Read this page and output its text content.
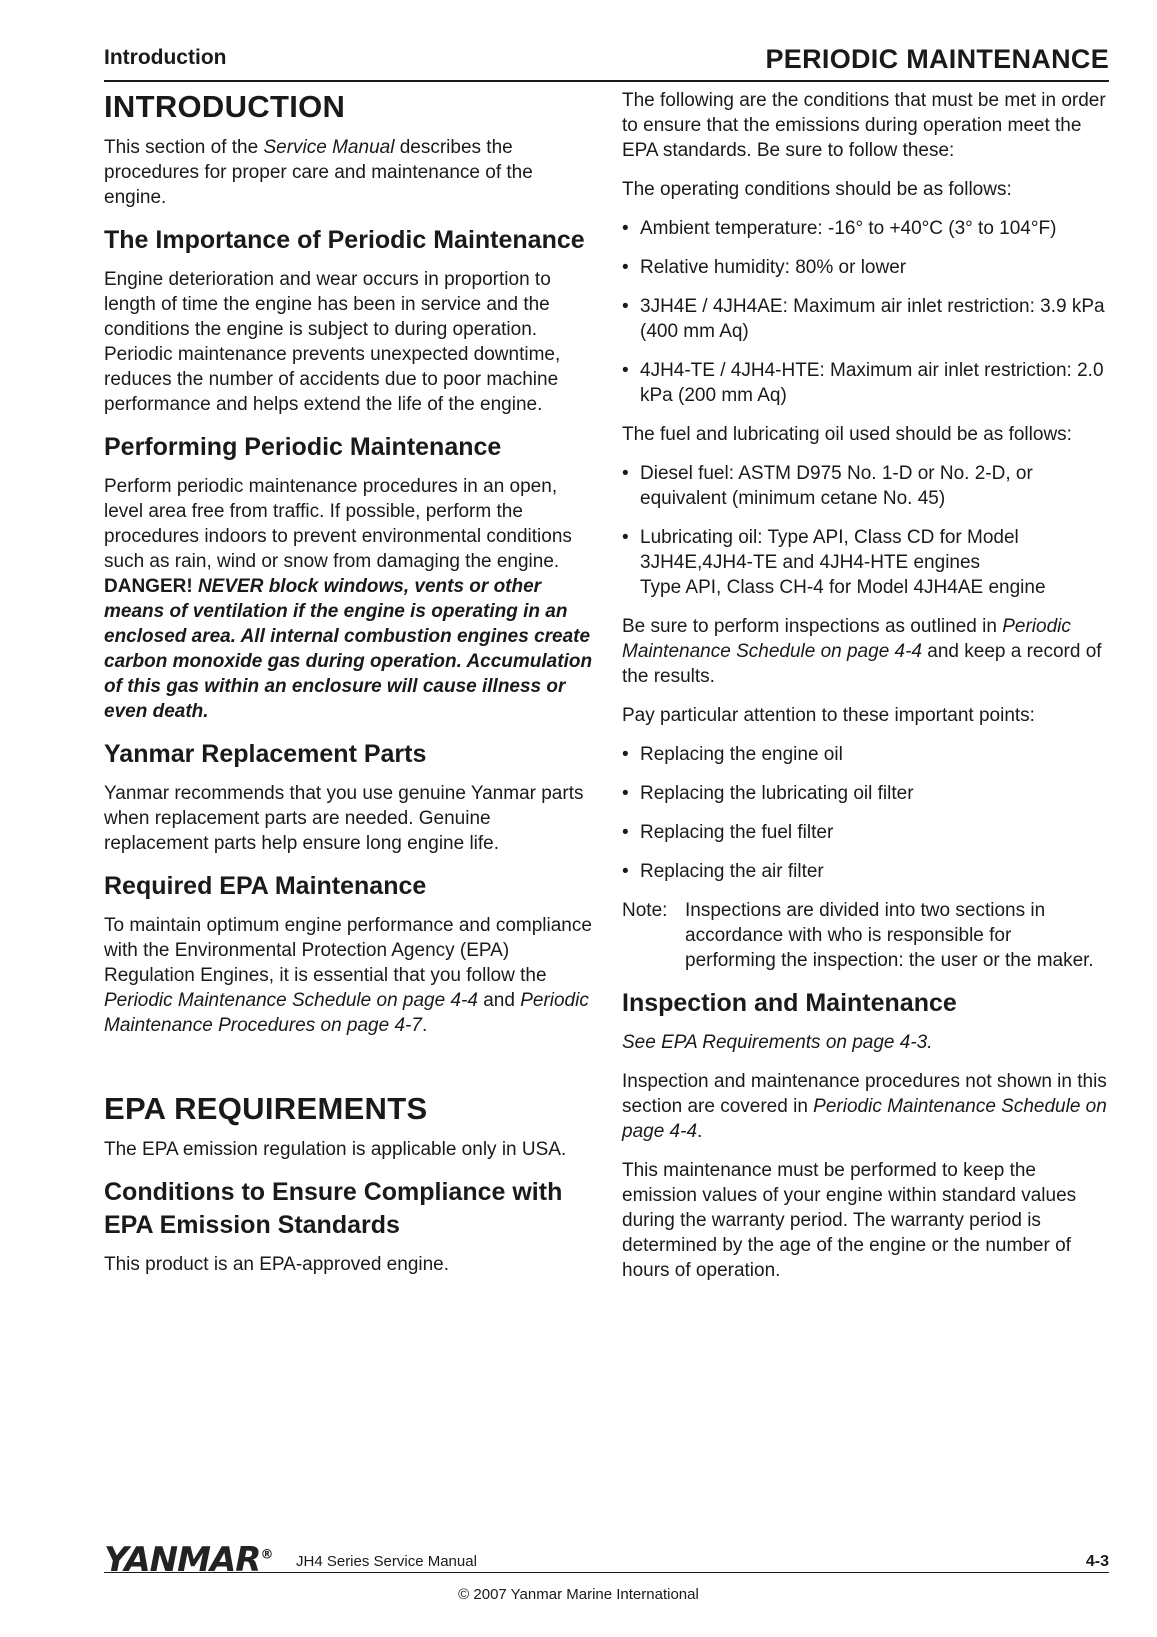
Introduction	PERIODIC MAINTENANCE
INTRODUCTION

This section of the Service Manual describes the procedures for proper care and maintenance of the engine.

The Importance of Periodic Maintenance

Engine deterioration and wear occurs in proportion to length of time the engine has been in service and the conditions the engine is subject to during operation. Periodic maintenance prevents unexpected downtime, reduces the number of accidents due to poor machine performance and helps extend the life of the engine.

Performing Periodic Maintenance

Perform periodic maintenance procedures in an open, level area free from traffic. If possible, perform the procedures indoors to prevent environmental conditions such as rain, wind or snow from damaging the engine. DANGER! NEVER block windows, vents or other means of ventilation if the engine is operating in an enclosed area. All internal combustion engines create carbon monoxide gas during operation. Accumulation of this gas within an enclosure will cause illness or even death.

Yanmar Replacement Parts

Yanmar recommends that you use genuine Yanmar parts when replacement parts are needed. Genuine replacement parts help ensure long engine life.

Required EPA Maintenance

To maintain optimum engine performance and compliance with the Environmental Protection Agency (EPA) Regulation Engines, it is essential that you follow the Periodic Maintenance Schedule on page 4-4 and Periodic Maintenance Procedures on page 4-7.

EPA REQUIREMENTS

The EPA emission regulation is applicable only in USA.

Conditions to Ensure Compliance with EPA Emission Standards

This product is an EPA-approved engine.

The following are the conditions that must be met in order to ensure that the emissions during operation meet the EPA standards. Be sure to follow these:

The operating conditions should be as follows:

• Ambient temperature: -16° to +40°C (3° to 104°F)
• Relative humidity: 80% or lower
• 3JH4E / 4JH4AE: Maximum air inlet restriction: 3.9 kPa (400 mm Aq)
• 4JH4-TE / 4JH4-HTE: Maximum air inlet restriction: 2.0 kPa (200 mm Aq)

The fuel and lubricating oil used should be as follows:

• Diesel fuel: ASTM D975 No. 1-D or No. 2-D, or equivalent (minimum cetane No. 45)
• Lubricating oil: Type API, Class CD for Model 3JH4E,4JH4-TE and 4JH4-HTE engines
Type API, Class CH-4 for Model 4JH4AE engine

Be sure to perform inspections as outlined in Periodic Maintenance Schedule on page 4-4 and keep a record of the results.

Pay particular attention to these important points:

• Replacing the engine oil
• Replacing the lubricating oil filter
• Replacing the fuel filter
• Replacing the air filter
Note: Inspections are divided into two sections in accordance with who is responsible for performing the inspection: the user or the maker.
Inspection and Maintenance

See EPA Requirements on page 4-3.

Inspection and maintenance procedures not shown in this section are covered in Periodic Maintenance Schedule on page 4-4.

This maintenance must be performed to keep the emission values of your engine within standard values during the warranty period. The warranty period is determined by the age of the engine or the number of hours of operation.

YANMAR® JH4 Series Service Manual	4-3
© 2007 Yanmar Marine International
